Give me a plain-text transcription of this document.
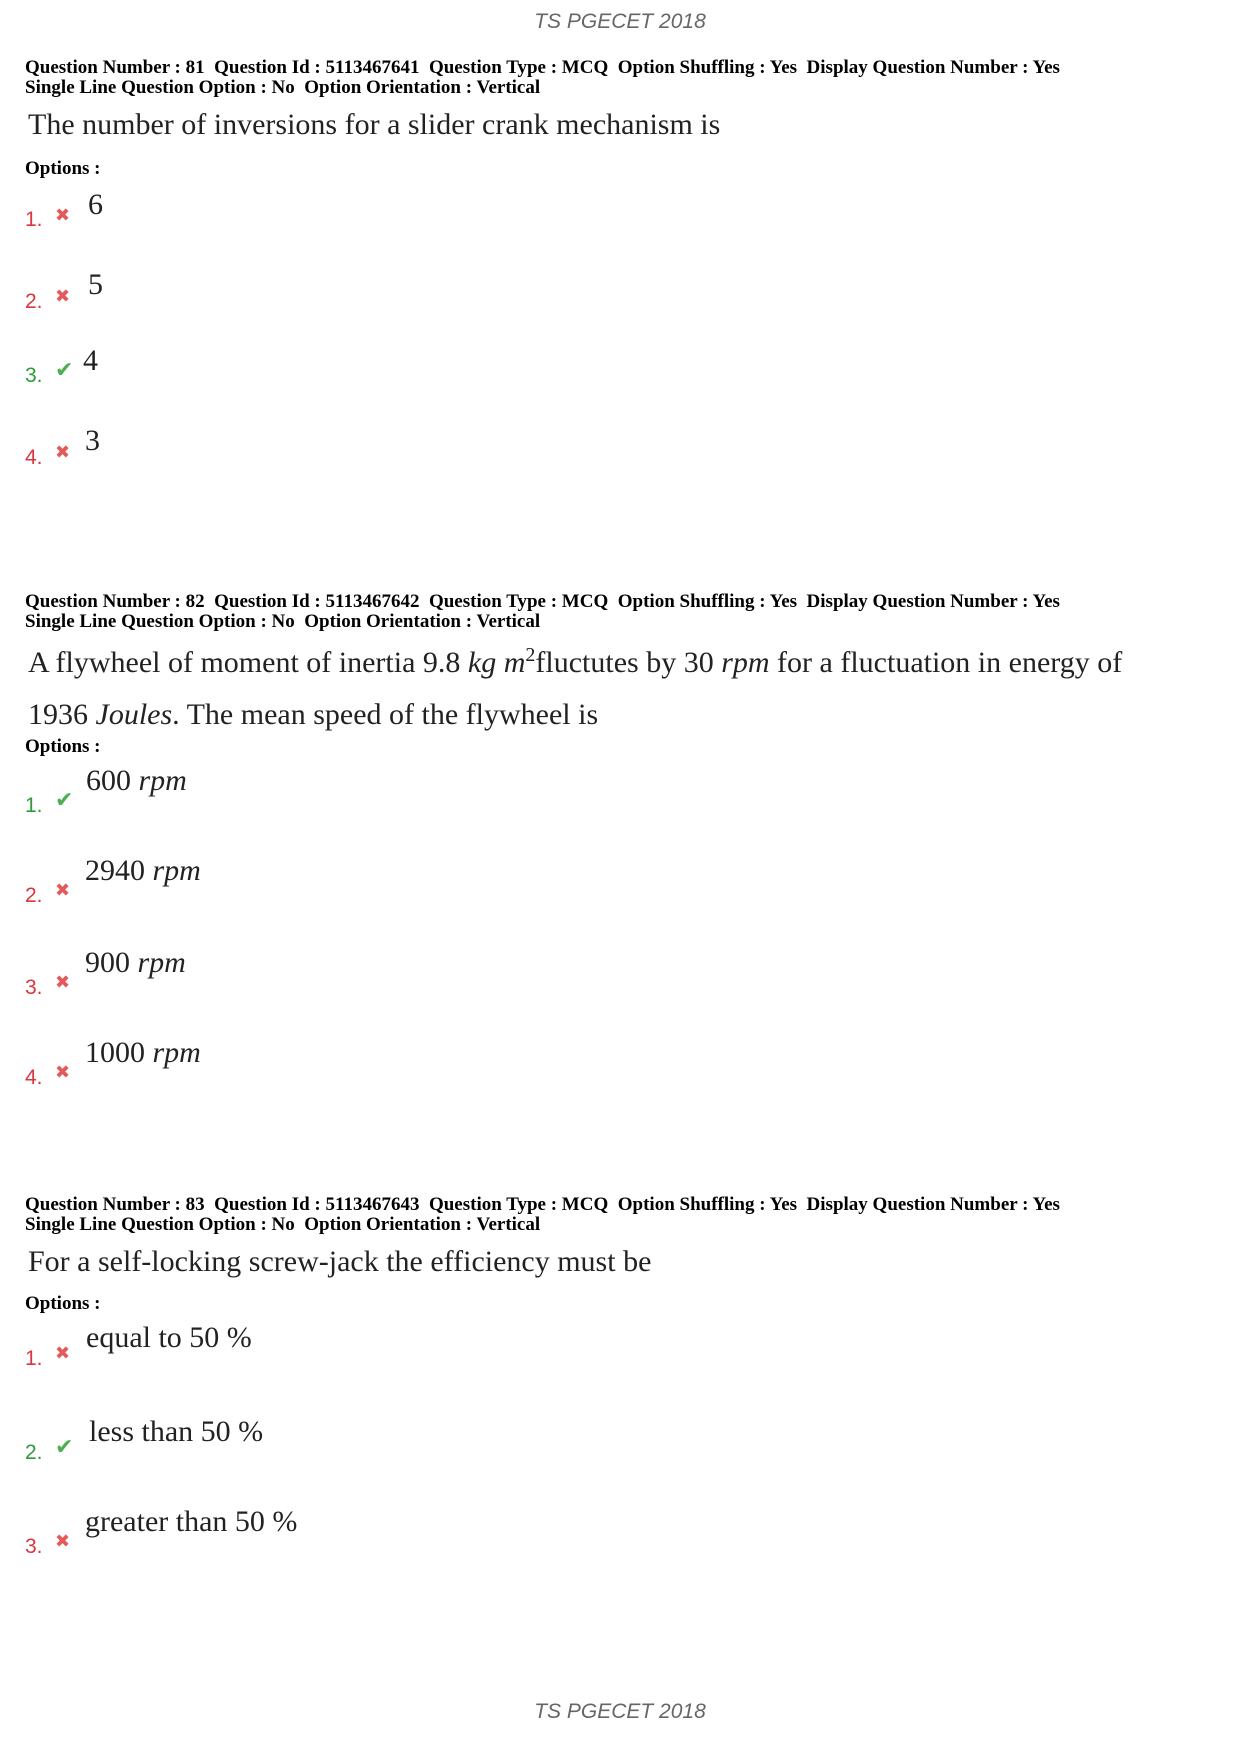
TS PGECET 2018
Question Number : 81  Question Id : 5113467641  Question Type : MCQ  Option Shuffling : Yes  Display Question Number : Yes
Single Line Question Option : No  Option Orientation : Vertical
The number of inversions for a slider crank mechanism is
Options :
1. ✖ 6
2. ✖ 5
3. ✔ 4
4. ✖ 3
Question Number : 82  Question Id : 5113467642  Question Type : MCQ  Option Shuffling : Yes  Display Question Number : Yes
Single Line Question Option : No  Option Orientation : Vertical
A flywheel of moment of inertia 9.8 kg $m^2fluctutes$ by 30 rpm for a fluctuation in energy of
1936 Joules. The mean speed of the flywheel is
Options :
1. ✔
600 rpm
2. ✖
2940 rpm
3. ✖
900 rpm
4. ✖
1000 rpm
Question Number : 83  Question Id : 5113467643  Question Type : MCQ  Option Shuffling : Yes  Display Question Number : Yes
Single Line Question Option : No  Option Orientation : Vertical
For a self-locking screw-jack the efficiency must be
Options :
1. ✖ equal to 50 %
2. ✔ less than 50 %
3. ✖
greater than 50 %
TS PGECET 2018
